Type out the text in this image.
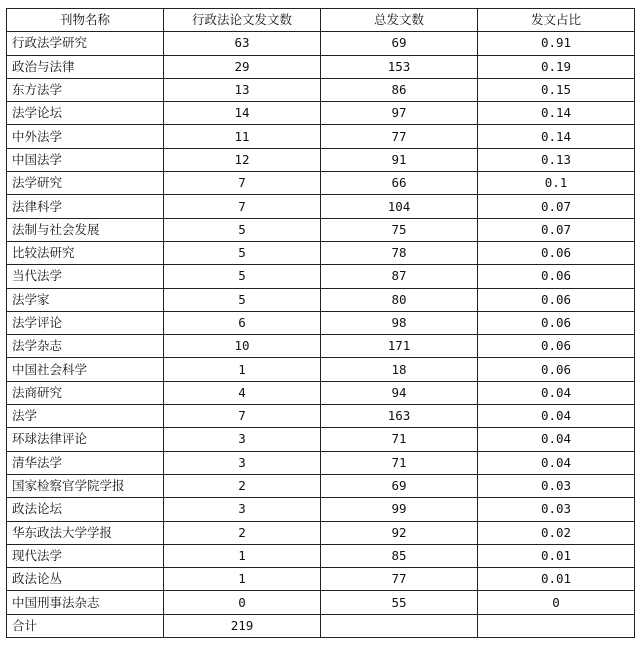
刊物名称	行政法论文发文数	总发文数	发文占比
行政法学研究	63	69	0.91
政治与法律	29	153	0.19
东方法学	13	86	0.15
法学论坛	14	97	0.14
中外法学	11	77	0.14
中国法学	12	91	0.13
法学研究	7	66	0.1
法律科学	7	104	0.07
法制与社会发展	5	75	0.07
比较法研究	5	78	0.06
当代法学	5	87	0.06
法学家	5	80	0.06
法学评论	6	98	0.06
法学杂志	10	171	0.06
中国社会科学	1	18	0.06
法商研究	4	94	0.04
法学	7	163	0.04
环球法律评论	3	71	0.04
清华法学	3	71	0.04
国家检察官学院学报	2	69	0.03
政法论坛	3	99	0.03
华东政法大学学报	2	92	0.02
现代法学	1	85	0.01
政法论丛	1	77	0.01
中国刑事法杂志	0	55	0
合计	219		
